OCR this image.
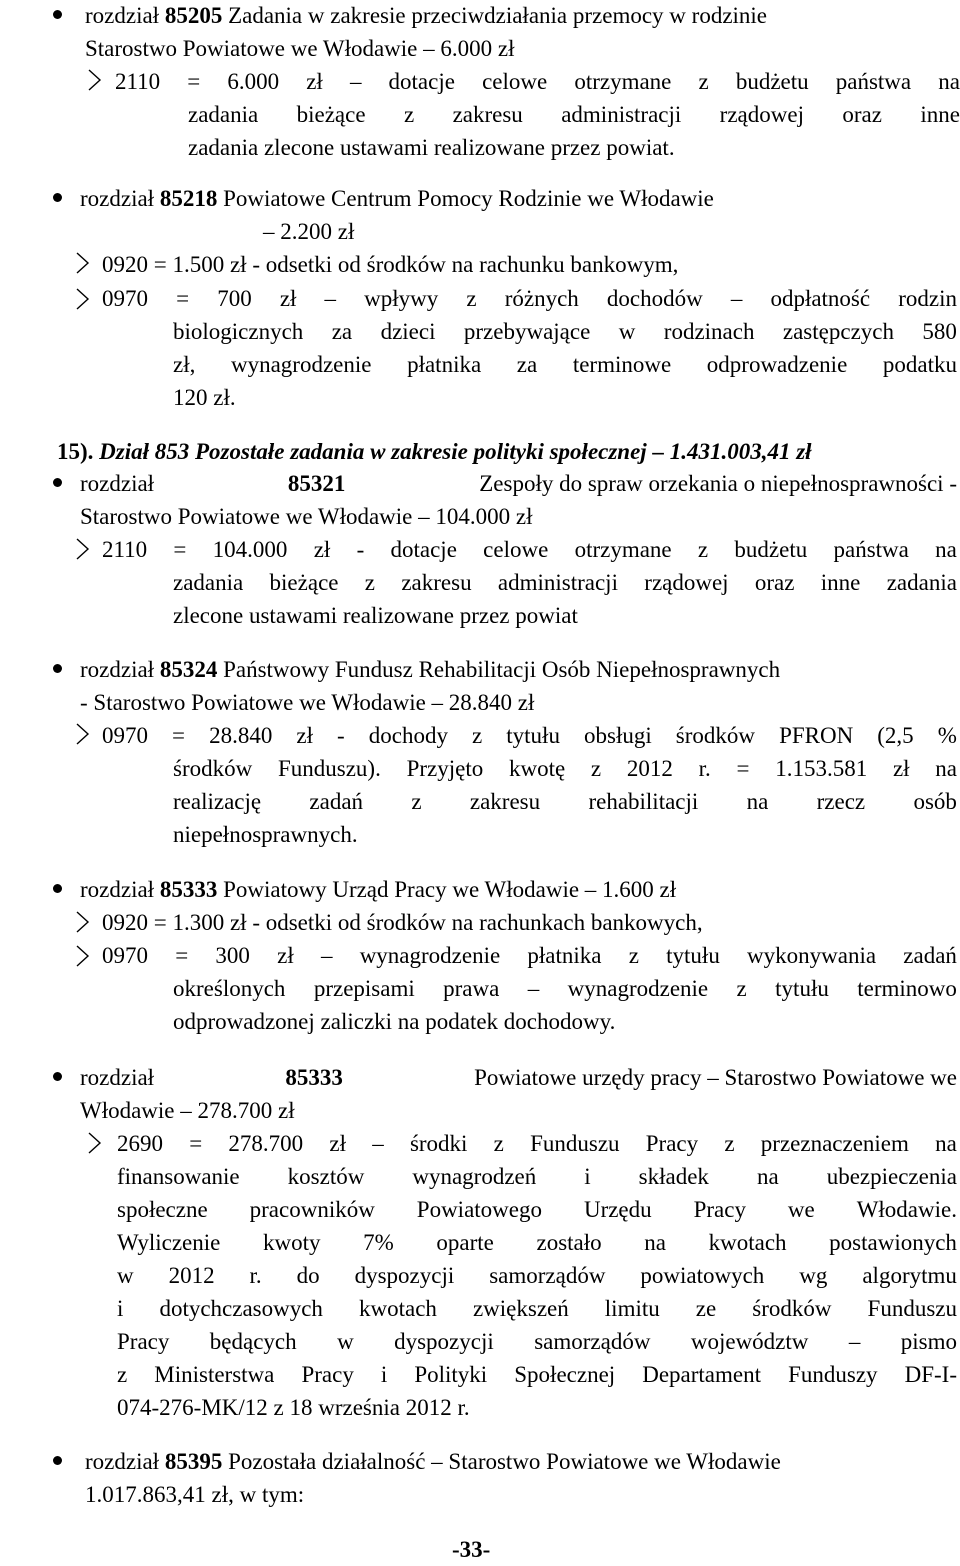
rozdział 85205 Zadania w zakresie przeciwdziałania przemocy w rodzinie
Starostwo Powiatowe we Włodawie – 6.000 zł
2110 = 6.000 zł – dotacje celowe otrzymane z budżetu państwa na
zadania bieżące z zakresu administracji rządowej oraz inne
zadania zlecone ustawami realizowane przez powiat.
rozdział 85218 Powiatowe Centrum Pomocy Rodzinie we Włodawie
– 2.200 zł
0920 = 1.500 zł - odsetki od środków na rachunku bankowym,
0970 = 700 zł – wpływy z różnych dochodów – odpłatność rodzin
biologicznych za dzieci przebywające w rodzinach zastępczych 580
zł, wynagrodzenie płatnika za terminowe odprowadzenie podatku
120 zł.
15). Dział 853 Pozostałe zadania w zakresie polityki społecznej – 1.431.003,41 zł
rozdział	85321	Zespoły do spraw orzekania o niepełnosprawności -
Starostwo Powiatowe we Włodawie – 104.000 zł
2110 = 104.000 zł - dotacje celowe otrzymane z budżetu państwa na
zadania bieżące z zakresu administracji rządowej oraz inne zadania
zlecone ustawami realizowane przez powiat
rozdział 85324 Państwowy Fundusz Rehabilitacji Osób Niepełnosprawnych
- Starostwo Powiatowe we Włodawie – 28.840 zł
0970 = 28.840 zł - dochody z tytułu obsługi środków PFRON (2,5 %
środków Funduszu). Przyjęto kwotę z 2012 r. = 1.153.581 zł na
realizację zadań z zakresu rehabilitacji na rzecz osób
niepełnosprawnych.
rozdział 85333 Powiatowy Urząd Pracy we Włodawie – 1.600 zł
0920 = 1.300 zł - odsetki od środków na rachunkach bankowych,
0970 = 300 zł – wynagrodzenie płatnika z tytułu wykonywania zadań
określonych przepisami prawa – wynagrodzenie z tytułu terminowo
odprowadzonej zaliczki na podatek dochodowy.
rozdział	85333	Powiatowe urzędy pracy – Starostwo Powiatowe we
Włodawie – 278.700 zł
2690 = 278.700 zł – środki z Funduszu Pracy z przeznaczeniem na
finansowanie kosztów wynagrodzeń i składek na ubezpieczenia
społeczne pracowników Powiatowego Urzędu Pracy we Włodawie.
Wyliczenie kwoty 7% oparte zostało na kwotach postawionych
w 2012 r. do dyspozycji samorządów powiatowych wg algorytmu
i dotychczasowych kwotach zwiększeń limitu ze środków Funduszu
Pracy będących w dyspozycji samorządów województw – pismo
z Ministerstwa Pracy i Polityki Społecznej Departament Funduszy DF-I-
074-276-MK/12 z 18 września 2012 r.
rozdział 85395 Pozostała działalność – Starostwo Powiatowe we Włodawie
1.017.863,41 zł, w tym:
-33-
